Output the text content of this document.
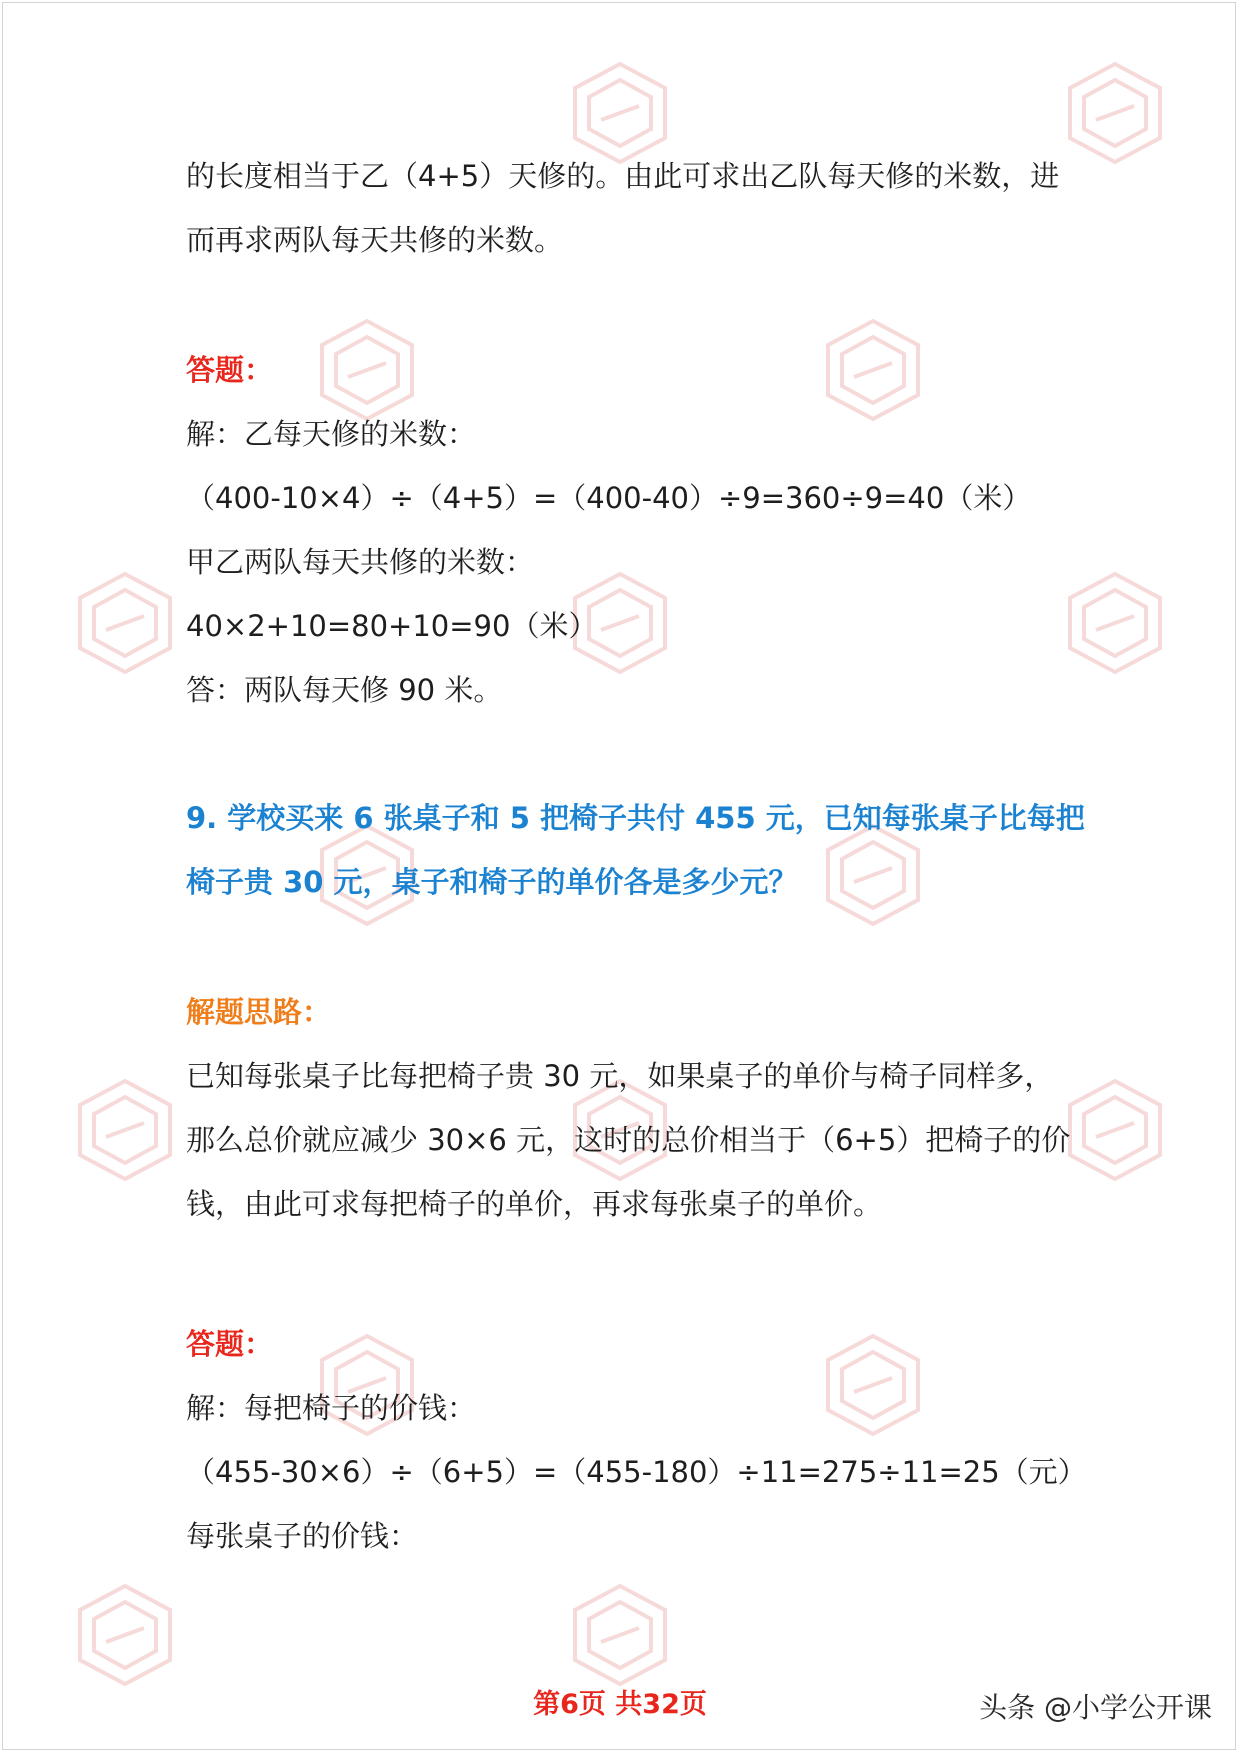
的长度相当于乙（4+5）天修的。由此可求出乙队每天修的米数，进
而再求两队每天共修的米数。
答题：
解：乙每天修的米数：
（400-10×4）÷（4+5）=（400-40）÷9=360÷9=40（米）
甲乙两队每天共修的米数：
40×2+10=80+10=90（米）
答：两队每天修 90 米。
9. 学校买来 6 张桌子和 5 把椅子共付 455 元，已知每张桌子比每把
椅子贵 30 元，桌子和椅子的单价各是多少元？
解题思路：
已知每张桌子比每把椅子贵 30 元，如果桌子的单价与椅子同样多，
那么总价就应减少 30×6 元，这时的总价相当于（6+5）把椅子的价
钱，由此可求每把椅子的单价，再求每张桌子的单价。
答题：
解：每把椅子的价钱：
（455-30×6）÷（6+5）=（455-180）÷11=275÷11=25（元）
每张桌子的价钱：
第6页 共32页	头条 @小学公开课
